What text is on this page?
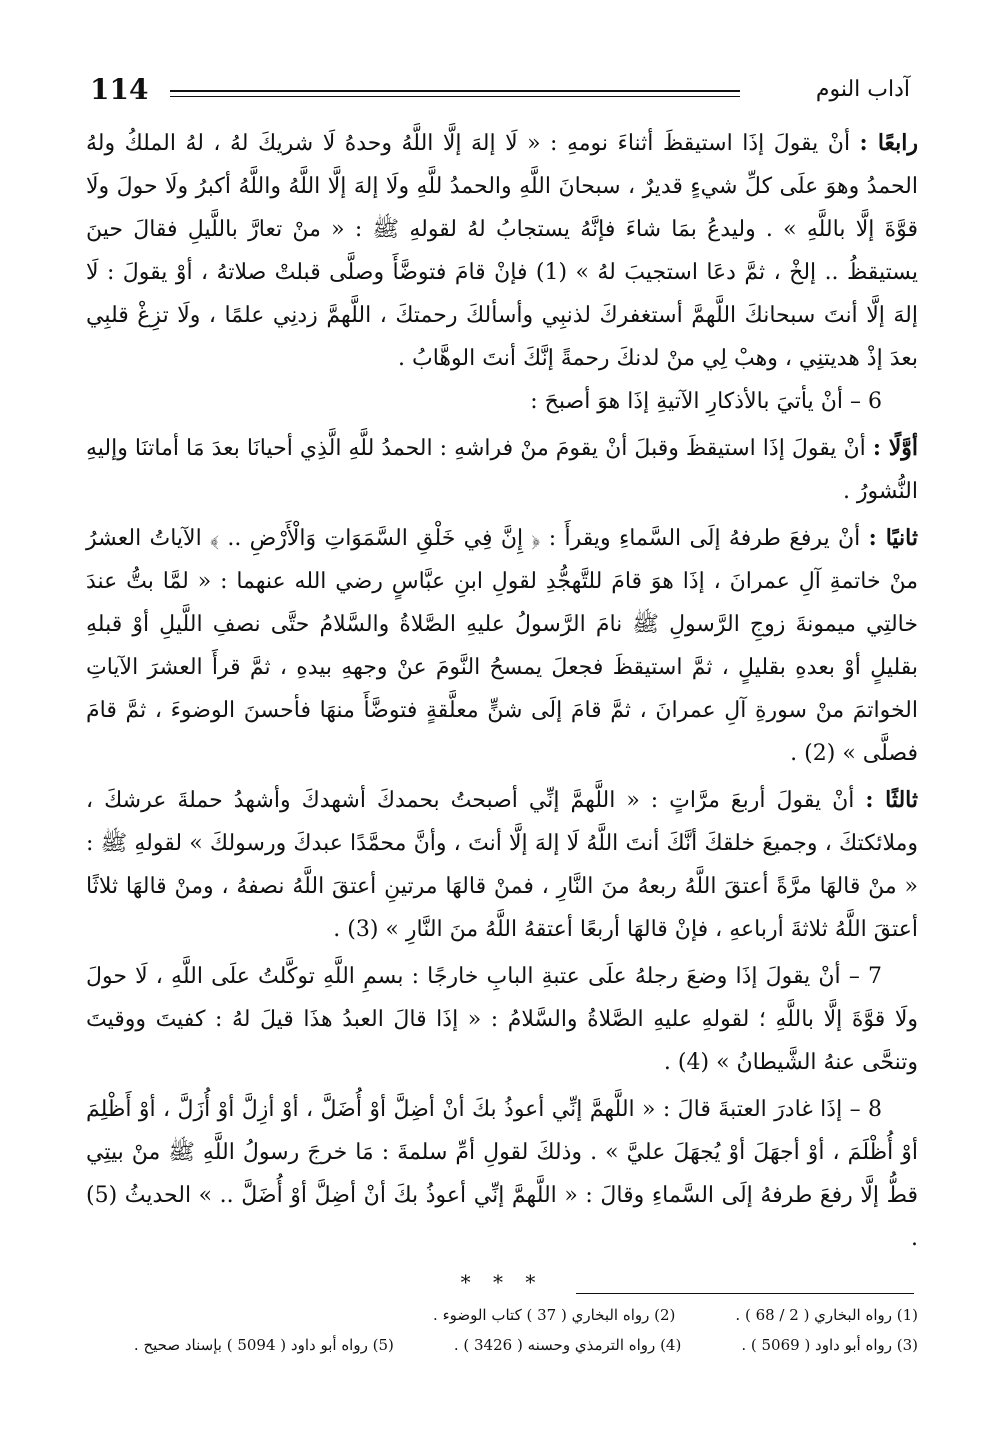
آداب النوم
114

رابعًا : أنْ يقولَ إذَا استيقظَ أثناءَ نومهِ : « لَا إلهَ إلَّا اللَّهُ وحدهُ لَا شريكَ لهُ ، لهُ الملكُ ولهُ الحمدُ وهوَ علَى كلِّ شيءٍ قديرٌ ، سبحانَ اللَّهِ والحمدُ للَّهِ ولَا إلهَ إلَّا اللَّهُ واللَّهُ أكبرُ ولَا حولَ ولَا قوَّةَ إلَّا باللَّهِ » . وليدعُ بمَا شاءَ فإنَّهُ يستجابُ لهُ لقولهِ ﷺ : « منْ تعارَّ باللَّيلِ فقالَ حينَ يستيقظُ .. إلخْ ، ثمَّ دعَا استجيبَ لهُ » (1) فإنْ قامَ فتوضَّأَ وصلَّى قبلتْ صلاتهُ ، أوْ يقولَ : لَا إلهَ إلَّا أنتَ سبحانكَ اللَّهمَّ أستغفركَ لذنبِي وأسألكَ رحمتكَ ، اللَّهمَّ زدنِي علمًا ، ولَا تزِغْ قلبِي بعدَ إذْ هديتنِي ، وهبْ لِي منْ لدنكَ رحمةً إنَّكَ أنتَ الوهَّابُ .

6 – أنْ يأتيَ بالأذكارِ الآتيةِ إذَا هوَ أصبحَ :

أوَّلًا : أنْ يقولَ إذَا استيقظَ وقبلَ أنْ يقومَ منْ فراشهِ : الحمدُ للَّهِ الَّذِي أحيانَا بعدَ مَا أماتنَا وإليهِ النُّشورُ .

ثانيًا : أنْ يرفعَ طرفهُ إلَى السَّماءِ ويقرأَ : ﴿ إِنَّ فِي خَلْقِ السَّمَوَاتِ وَالْأَرْضِ .. ﴾ الآياتُ العشرُ منْ خاتمةِ آلِ عمرانَ ، إذَا هوَ قامَ للتَّهجُّدِ لقولِ ابنِ عبَّاسٍ رضي الله عنهما : « لمَّا بتُّ عندَ خالتِي ميمونةَ زوجِ الرَّسولِ ﷺ نامَ الرَّسولُ عليهِ الصَّلاةُ والسَّلامُ حتَّى نصفِ اللَّيلِ أوْ قبلهِ بقليلٍ أوْ بعدهِ بقليلٍ ، ثمَّ استيقظَ فجعلَ يمسحُ النَّومَ عنْ وجههِ بيدهِ ، ثمَّ قرأَ العشرَ الآياتِ الخواتمَ منْ سورةِ آلِ عمرانَ ، ثمَّ قامَ إلَى شنٍّ معلَّقةٍ فتوضَّأَ منهَا فأحسنَ الوضوءَ ، ثمَّ قامَ فصلَّى » (2) .

ثالثًا : أنْ يقولَ أربعَ مرَّاتٍ : « اللَّهمَّ إنِّي أصبحتُ بحمدكَ أشهدكَ وأشهدُ حملةَ عرشكَ ، وملائكتكَ ، وجميعَ خلقكَ أنَّكَ أنتَ اللَّهُ لَا إلهَ إلَّا أنتَ ، وأنَّ محمَّدًا عبدكَ ورسولكَ » لقولهِ ﷺ : « منْ قالهَا مرَّةً أعتقَ اللَّهُ ربعهُ منَ النَّارِ ، فمنْ قالهَا مرتينِ أعتقَ اللَّهُ نصفهُ ، ومنْ قالهَا ثلاثًا أعتقَ اللَّهُ ثلاثةَ أرباعهِ ، فإنْ قالهَا أربعًا أعتقهُ اللَّهُ منَ النَّارِ » (3) .

7 – أنْ يقولَ إذَا وضعَ رجلهُ علَى عتبةِ البابِ خارجًا : بسمِ اللَّهِ توكَّلتُ علَى اللَّهِ ، لَا حولَ ولَا قوَّةَ إلَّا باللَّهِ ؛ لقولهِ عليهِ الصَّلاةُ والسَّلامُ : « إذَا قالَ العبدُ هذَا قيلَ لهُ : كفيتَ ووقيتَ وتنحَّى عنهُ الشَّيطانُ » (4) .

8 – إذَا غادرَ العتبةَ قالَ : « اللَّهمَّ إنِّي أعوذُ بكَ أنْ أضِلَّ أوْ أُضَلَّ ، أوْ أزِلَّ أوْ أُزَلَّ ، أوْ أَظْلِمَ أوْ أُظْلَمَ ، أوْ أجهَلَ أوْ يُجهَلَ عليَّ » . وذلكَ لقولِ أمِّ سلمةَ : مَا خرجَ رسولُ اللَّهِ ﷺ منْ بيتِي قطُّ إلَّا رفعَ طرفهُ إلَى السَّماءِ وقالَ : « اللَّهمَّ إنِّي أعوذُ بكَ أنْ أضِلَّ أوْ أُضَلَّ .. » الحديثُ (5) .

* * *
(1) رواه البخاري ( 2 / 68 ) .
(2) رواه البخاري ( 37 ) كتاب الوضوء .
(3) رواه أبو داود ( 5069 ) .
(4) رواه الترمذي وحسنه ( 3426 ) .
(5) رواه أبو داود ( 5094 ) بإسناد صحيح .
